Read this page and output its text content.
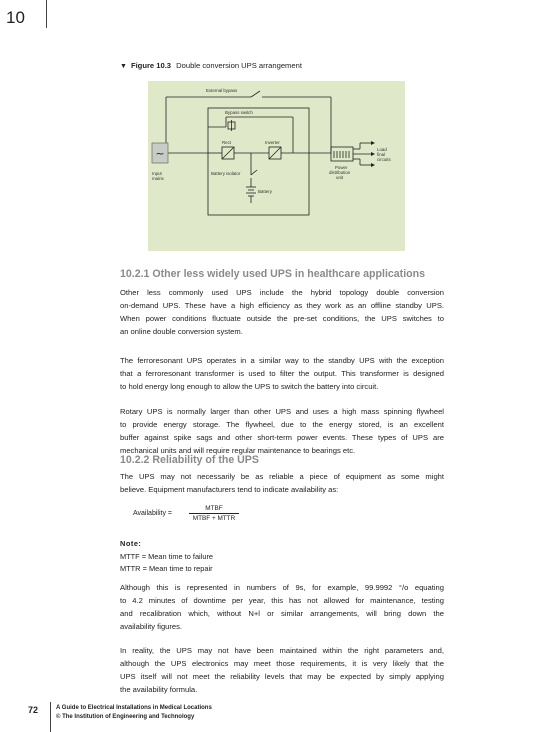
10
▼ Figure 10.3 Double conversion UPS arrangement
~
External bypass
Bypass switch
Rect	Inverter
Input
mains
Battery isolator
Battery
Power
distribution
unit
Load
final
circuits
10.2.1 Other less widely used UPS in healthcare applications
Other less commonly used UPS include the hybrid topology double conversion
on-demand UPS. These have a high efficiency as they work as an offline standby UPS.
When power conditions fluctuate outside the pre-set conditions, the UPS switches to
an online double conversion system.
The ferroresonant UPS operates in a similar way to the standby UPS with the exception
that a ferroresonant transformer is used to filter the output. This transformer is designed
to hold energy long enough to allow the UPS to switch the battery into circuit.
Rotary UPS is normally larger than other UPS and uses a high mass spinning flywheel
to provide energy storage. The flywheel, due to the energy stored, is an excellent
buffer against spike sags and other short-term power events. These types of UPS are
mechanical units and will require regular maintenance to bearings etc.
10.2.2 Reliability of the UPS
The UPS may not necessarily be as reliable a piece of equipment as some might
believe. Equipment manufacturers tend to indicate availability as:
Availability =
MTBF
MTBF + MTTR
Note:
MTTF = Mean time to failure
MTTR = Mean time to repair
Although this is represented in numbers of 9s, for example, 99.9992 °/o equating
to 4.2 minutes of downtime per year, this has not allowed for maintenance, testing
and recalibration which, without N+l or similar arrangements, will bring down the
availability figures.
In reality, the UPS may not have been maintained within the right parameters and,
although the UPS electronics may meet those requirements, it is very likely that the
UPS itself will not meet the reliability levels that may be expected by simply applying
the availability formula.
72	A Guide to Electrical Installations in Medical Locations
© The Institution of Engineering and Technology
